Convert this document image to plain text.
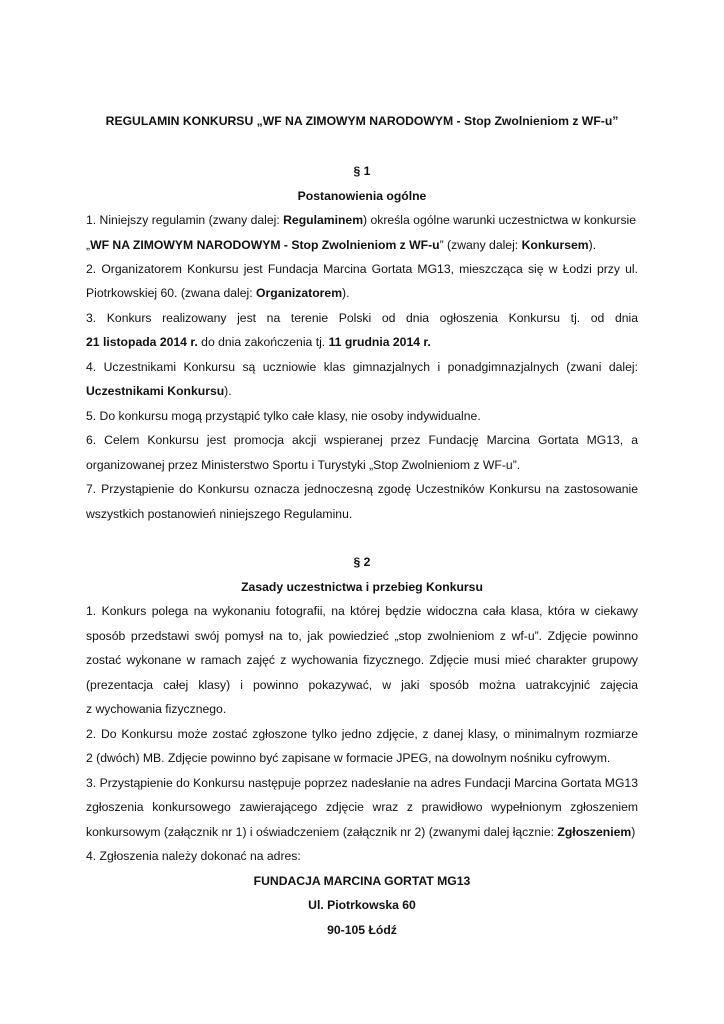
REGULAMIN KONKURSU „WF NA ZIMOWYM NARODOWYM - Stop Zwolnieniom z WF-u”
§ 1
Postanowienia ogólne
1. Niniejszy regulamin (zwany dalej: Regulaminem) określa ogólne warunki uczestnictwa w konkursie
„WF NA ZIMOWYM NARODOWYM - Stop Zwolnieniom z WF-u” (zwany dalej: Konkursem).
2. Organizatorem Konkursu jest Fundacja Marcina Gortata MG13, mieszcząca się w Łodzi przy ul.
Piotrkowskiej 60. (zwana dalej: Organizatorem).
3. Konkurs realizowany jest na terenie Polski od dnia ogłoszenia Konkursu tj. od dnia
21 listopada 2014 r. do dnia zakończenia tj. 11 grudnia 2014 r.
4. Uczestnikami Konkursu są uczniowie klas gimnazjalnych i ponadgimnazjalnych (zwani dalej:
Uczestnikami Konkursu).
5. Do konkursu mogą przystąpić tylko całe klasy, nie osoby indywidualne.
6. Celem Konkursu jest promocja akcji wspieranej przez Fundację Marcina Gortata MG13, a
organizowanej przez Ministerstwo Sportu i Turystyki „Stop Zwolnieniom z WF-u”.
7. Przystąpienie do Konkursu oznacza jednoczesną zgodę Uczestników Konkursu na zastosowanie
wszystkich postanowień niniejszego Regulaminu.
§ 2
Zasady uczestnictwa i przebieg Konkursu
1. Konkurs polega na wykonaniu fotografii, na której będzie widoczna cała klasa, która w ciekawy
sposób przedstawi swój pomysł na to, jak powiedzieć „stop zwolnieniom z wf-u”. Zdjęcie powinno
zostać wykonane w ramach zajęć z wychowania fizycznego. Zdjęcie musi mieć charakter grupowy
(prezentacja całej klasy) i powinno pokazywać, w jaki sposób można uatrakcyjnić zajęcia
z wychowania fizycznego.
2. Do Konkursu może zostać zgłoszone tylko jedno zdjęcie, z danej klasy, o minimalnym rozmiarze
2 (dwóch) MB. Zdjęcie powinno być zapisane w formacie JPEG, na dowolnym nośniku cyfrowym.
3. Przystąpienie do Konkursu następuje poprzez nadesłanie na adres Fundacji Marcina Gortata MG13
zgłoszenia konkursowego zawierającego zdjęcie wraz z prawidłowo wypełnionym zgłoszeniem
konkursowym (załącznik nr 1) i oświadczeniem (załącznik nr 2) (zwanymi dalej łącznie: Zgłoszeniem)
4. Zgłoszenia należy dokonać na adres:
FUNDACJA MARCINA GORTAT MG13
Ul. Piotrkowska 60
90-105 Łódź
